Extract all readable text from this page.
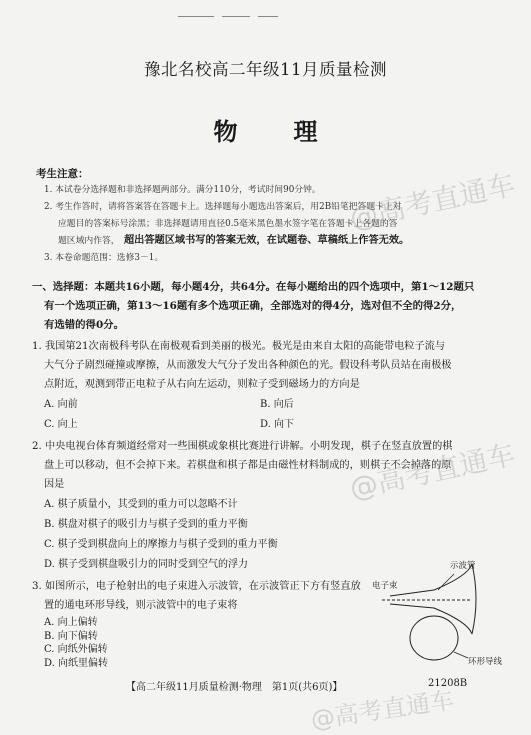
豫北名校高二年级11月质量检测
物　理
考生注意：
1. 本试卷分选择题和非选择题两部分。满分110分，考试时间90分钟。
2. 考生作答时，请将答案答在答题卡上。选择题每小题选出答案后，用2B铅笔把答题卡上对
应题目的答案标号涂黑；非选择题请用直径0.5毫米黑色墨水签字笔在答题卡上各题的答
题区域内作答， 超出答题区域书写的答案无效，在试题卷、草稿纸上作答无效。
3. 本卷命题范围：选修3－1。
一、选择题：本题共16小题，每小题4分，共64分。在每小题给出的四个选项中，第1～12题只
有一个选项正确，第13～16题有多个选项正确，全部选对的得4分，选对但不全的得2分，
有选错的得0分。
1. 我国第21次南极科考队在南极观看到美丽的极光。极光是由来自太阳的高能带电粒子流与
大气分子剧烈碰撞或摩擦，从而激发大气分子发出各种颜色的光。假设科考队员站在南极极
点附近，观测到带正电粒子从右向左运动，则粒子受到磁场力的方向是
A. 向前	B. 向后
C. 向上	D. 向下
2. 中央电视台体育频道经常对一些围棋或象棋比赛进行讲解。小明发现，棋子在竖直放置的棋
盘上可以移动，但不会掉下来。若棋盘和棋子都是由磁性材料制成的，则棋子不会掉落的原
因是
A. 棋子质量小，其受到的重力可以忽略不计
B. 棋盘对棋子的吸引力与棋子受到的重力平衡
C. 棋子受到棋盘向上的摩擦力与棋子受到的重力平衡
D. 棋子受到棋盘吸引力的同时受到空气的浮力
3. 如图所示，电子枪射出的电子束进入示波管，在示波管正下方有竖直放
置的通电环形导线，则示波管中的电子束将
A. 向上偏转
B. 向下偏转
C. 向纸外偏转
示波管
电子束
环形导线
D. 向纸里偏转
【高二年级11月质量检测·物理　第1页(共6页)】	21208B
@高考直通车
@高考直通车
@高考直通车
